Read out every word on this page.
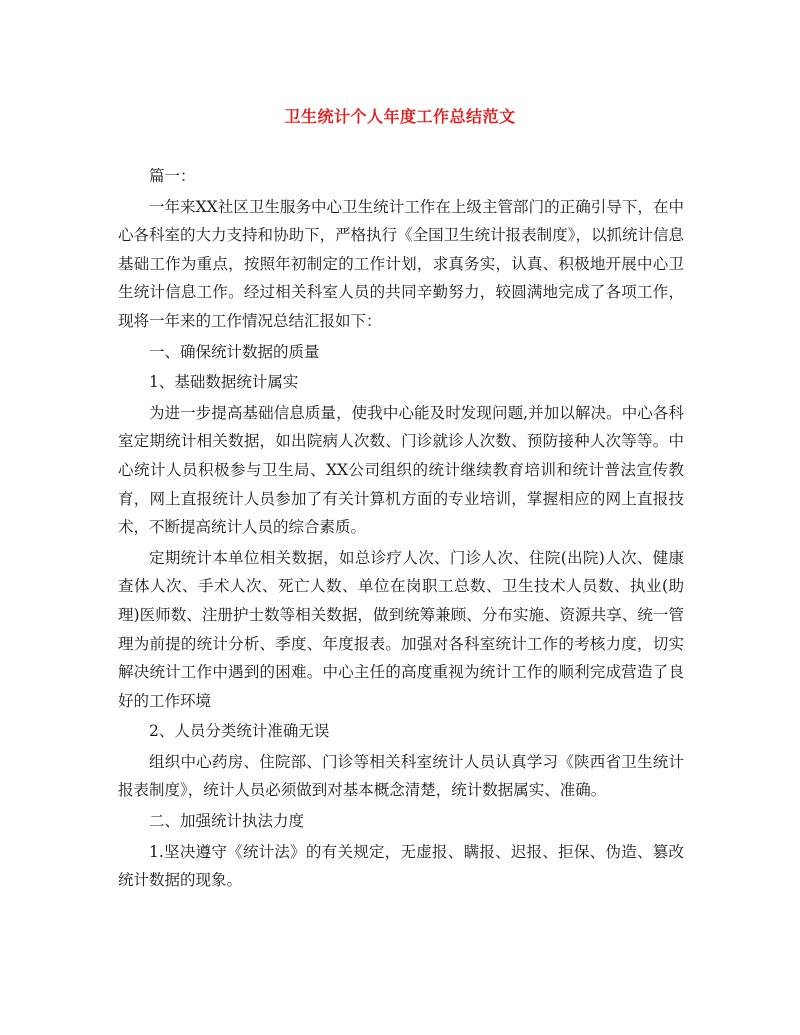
卫生统计个人年度工作总结范文

篇一：

一年来XX社区卫生服务中心卫生统计工作在上级主管部门的正确引导下，在中心各科室的大力支持和协助下，严格执行《全国卫生统计报表制度》，以抓统计信息基础工作为重点，按照年初制定的工作计划，求真务实，认真、积极地开展中心卫生统计信息工作。经过相关科室人员的共同辛勤努力，较圆满地完成了各项工作，现将一年来的工作情况总结汇报如下：

一、确保统计数据的质量

1、基础数据统计属实

为进一步提高基础信息质量，使我中心能及时发现问题,并加以解决。中心各科室定期统计相关数据，如出院病人次数、门诊就诊人次数、预防接种人次等等。中心统计人员积极参与卫生局、XX公司组织的统计继续教育培训和统计普法宣传教育，网上直报统计人员参加了有关计算机方面的专业培训，掌握相应的网上直报技术，不断提高统计人员的综合素质。

定期统计本单位相关数据，如总诊疗人次、门诊人次、住院(出院)人次、健康查体人次、手术人次、死亡人数、单位在岗职工总数、卫生技术人员数、执业(助理)医师数、注册护士数等相关数据，做到统筹兼顾、分布实施、资源共享、统一管理为前提的统计分析、季度、年度报表。加强对各科室统计工作的考核力度，切实解决统计工作中遇到的困难。中心主任的高度重视为统计工作的顺利完成营造了良好的工作环境

2、人员分类统计准确无误

组织中心药房、住院部、门诊等相关科室统计人员认真学习《陕西省卫生统计报表制度》，统计人员必须做到对基本概念清楚，统计数据属实、准确。

二、加强统计执法力度

1.坚决遵守《统计法》的有关规定，无虚报、瞒报、迟报、拒保、伪造、篡改统计数据的现象。
